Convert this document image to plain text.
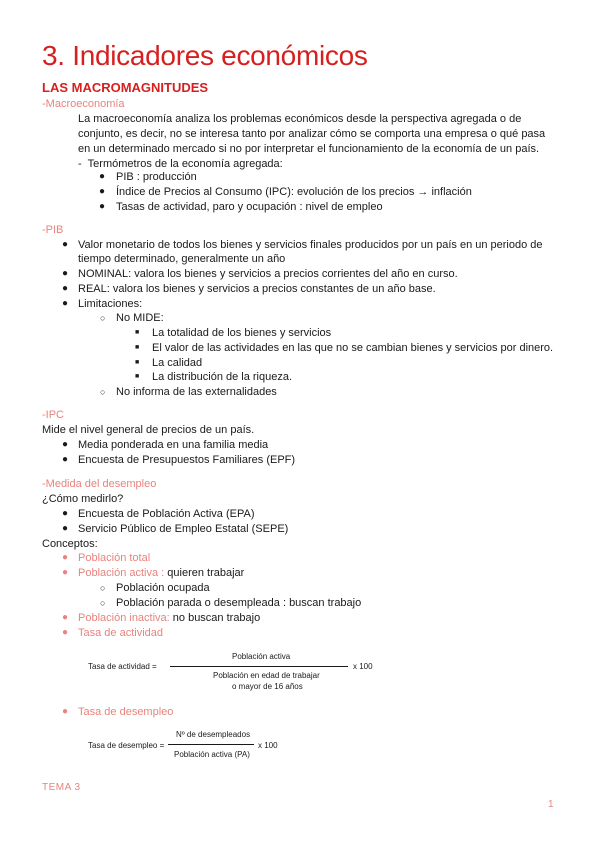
3. Indicadores económicos
LAS MACROMAGNITUDES
-Macroeconomía
La macroeconomía analiza los problemas económicos desde la perspectiva agregada o de
conjunto, es decir, no se interesa tanto por analizar cómo se comporta una empresa o qué pasa
en un determinado mercado si no por interpretar el funcionamiento de la economía de un país.
- Termómetros de la economía agregada:
● PIB : producción
● Índice de Precios al Consumo (IPC): evolución de los precios → inflación
● Tasas de actividad, paro y ocupación : nivel de empleo
-PIB
● Valor monetario de todos los bienes y servicios finales producidos por un país en un periodo de
tiempo determinado, generalmente un año
● NOMINAL: valora los bienes y servicios a precios corrientes del año en curso.
● REAL: valora los bienes y servicios a precios constantes de un año base.
● Limitaciones:
○ No MIDE:
■ La totalidad de los bienes y servicios
■ El valor de las actividades en las que no se cambian bienes y servicios por dinero.
■ La calidad
■ La distribución de la riqueza.
○ No informa de las externalidades
-IPC
Mide el nivel general de precios de un país.
● Media ponderada en una familia media
● Encuesta de Presupuestos Familiares (EPF)
-Medida del desempleo
¿Cómo medirlo?
● Encuesta de Población Activa (EPA)
● Servicio Público de Empleo Estatal (SEPE)
Conceptos:
● Población total
● Población activa : quieren trabajar
○ Población ocupada
○ Población parada o desempleada : buscan trabajo
● Población inactiva: no buscan trabajo
● Tasa de actividad
Tasa de actividad =
Población activa
Población en edad de trabajar
o mayor de 16 años
x 100
● Tasa de desempleo
Tasa de desempleo =
Nº de desempleados
Población activa (PA)
x 100
TEMA 3
1
